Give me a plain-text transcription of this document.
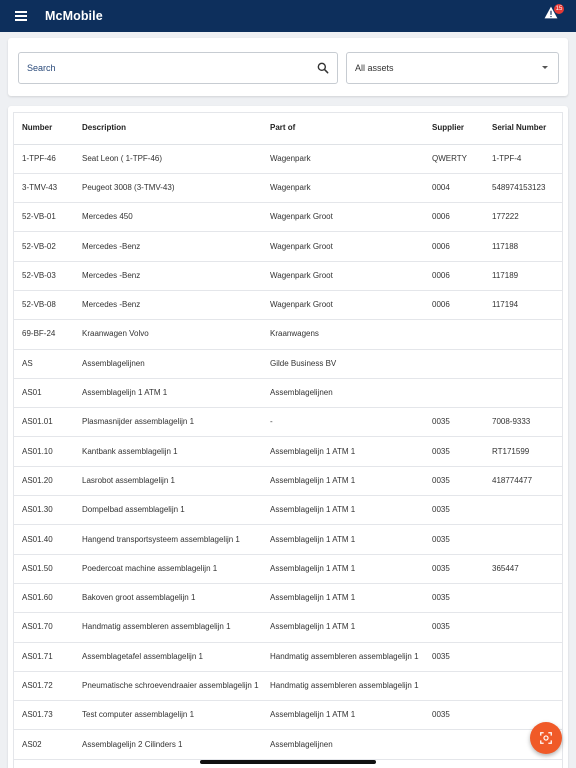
McMobile	15
Search
All assets
Number	Description	Part of	Supplier	Serial Number
1-TPF-46	Seat Leon ( 1-TPF-46)	Wagenpark	QWERTY	1-TPF-4
3-TMV-43	Peugeot 3008 (3-TMV-43)	Wagenpark	0004	548974153123
52-VB-01	Mercedes 450	Wagenpark Groot	0006	177222
52-VB-02	Mercedes -Benz	Wagenpark Groot	0006	117188
52-VB-03	Mercedes -Benz	Wagenpark Groot	0006	117189
52-VB-08	Mercedes -Benz	Wagenpark Groot	0006	117194
69-BF-24	Kraanwagen Volvo	Kraanwagens		
AS	Assemblagelijnen	Gilde Business BV		
AS01	Assemblagelijn 1 ATM 1	Assemblagelijnen		
AS01.01	Plasmasnijder assemblagelijn 1	-	0035	7008-9333
AS01.10	Kantbank assemblagelijn 1	Assemblagelijn 1 ATM 1	0035	RT171599
AS01.20	Lasrobot assemblagelijn 1	Assemblagelijn 1 ATM 1	0035	418774477
AS01.30	Dompelbad assemblagelijn 1	Assemblagelijn 1 ATM 1	0035	
AS01.40	Hangend transportsysteem assemblagelijn 1	Assemblagelijn 1 ATM 1	0035	
AS01.50	Poedercoat machine assemblagelijn 1	Assemblagelijn 1 ATM 1	0035	365447
AS01.60	Bakoven groot assemblagelijn 1	Assemblagelijn 1 ATM 1	0035	
AS01.70	Handmatig assembleren assemblagelijn 1	Assemblagelijn 1 ATM 1	0035	
AS01.71	Assemblagetafel assemblagelijn 1	Handmatig assembleren assemblagelijn 1	0035	
AS01.72	Pneumatische schroevendraaier assemblagelijn 1	Handmatig assembleren assemblagelijn 1		
AS01.73	Test computer assemblagelijn 1	Assemblagelijn 1 ATM 1	0035	
AS02	Assemblagelijn 2 Cilinders 1	Assemblagelijnen		
